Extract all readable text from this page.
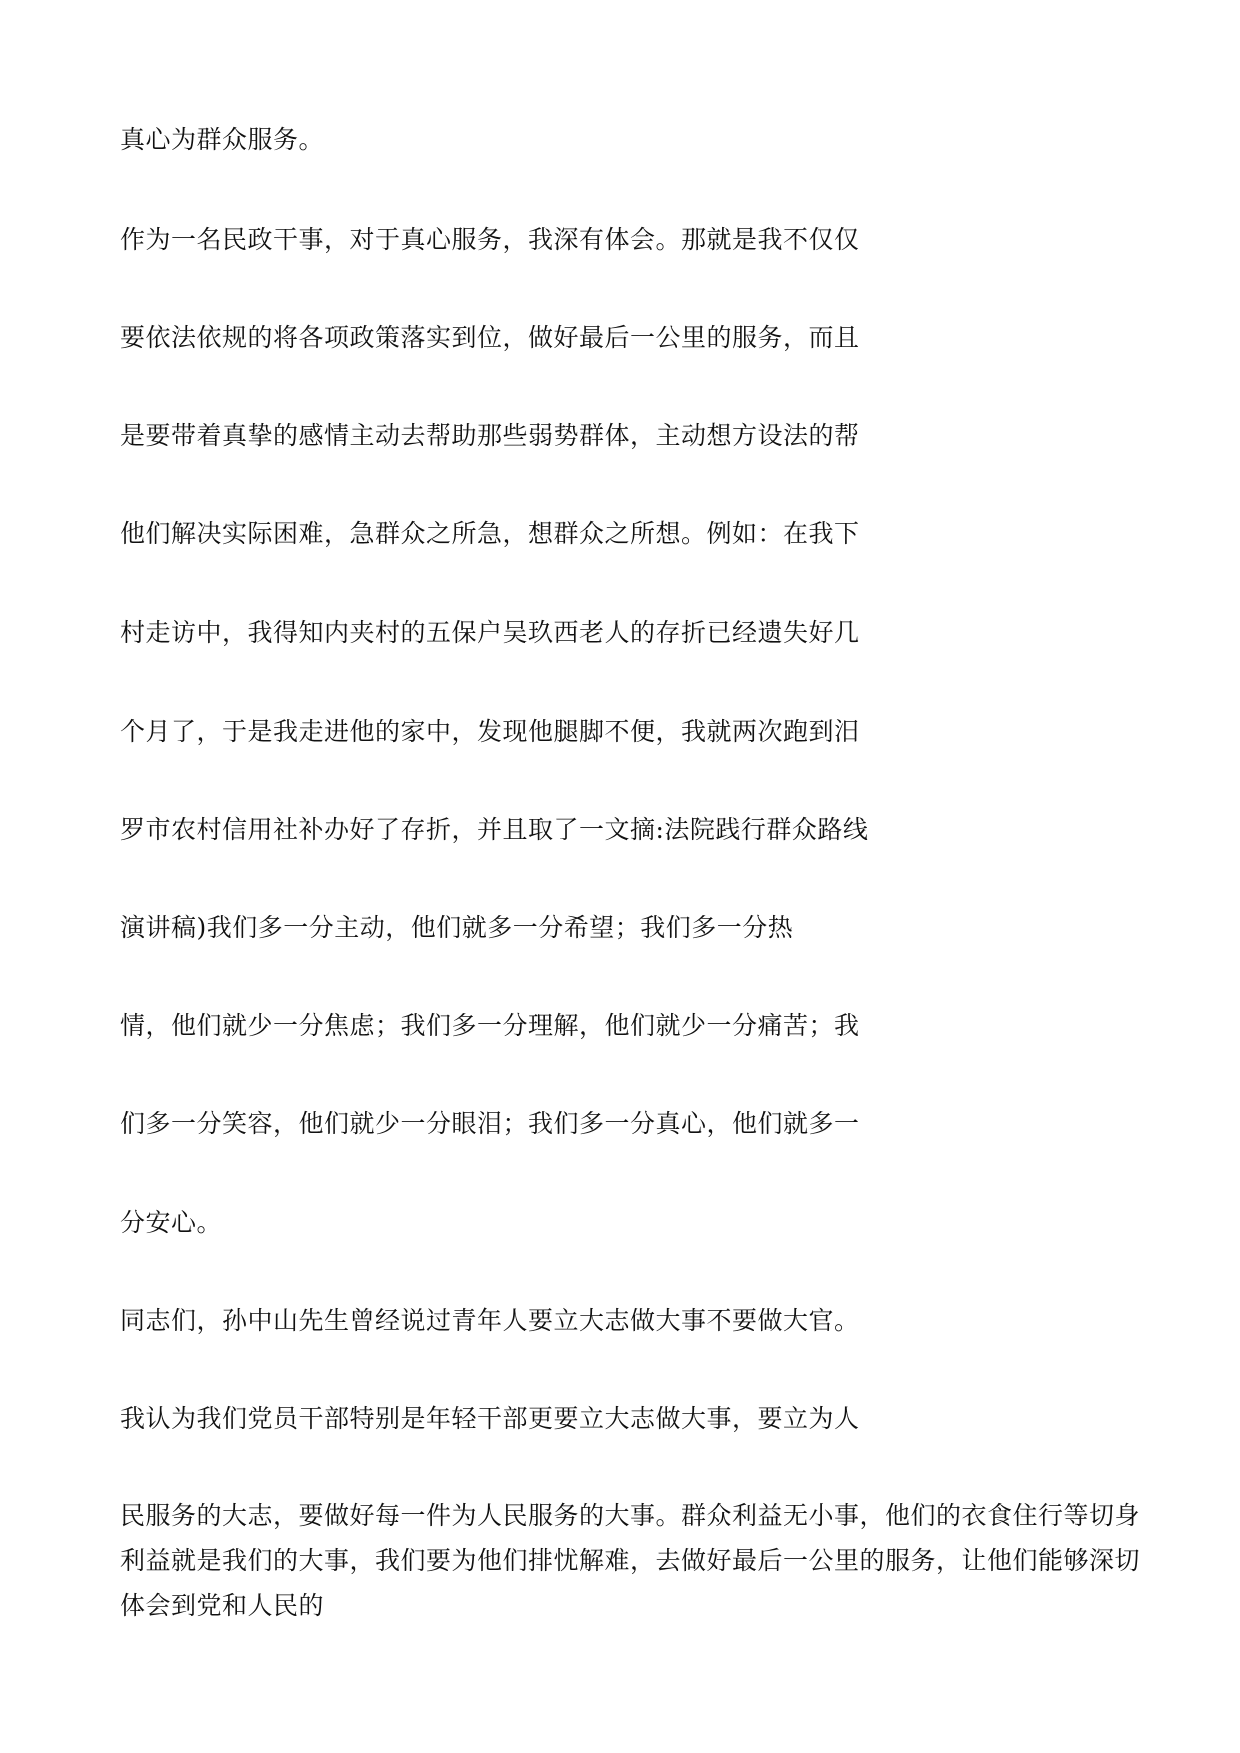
真心为群众服务。
作为一名民政干事，对于真心服务，我深有体会。那就是我不仅仅
要依法依规的将各项政策落实到位，做好最后一公里的服务，而且
是要带着真挚的感情主动去帮助那些弱势群体，主动想方设法的帮
他们解决实际困难，急群众之所急，想群众之所想。例如：在我下
村走访中，我得知内夹村的五保户吴玖西老人的存折已经遗失好几
个月了，于是我走进他的家中，发现他腿脚不便，我就两次跑到汨
罗市农村信用社补办好了存折，并且取了一文摘:法院践行群众路线
演讲稿)我们多一分主动，他们就多一分希望；我们多一分热
情，他们就少一分焦虑；我们多一分理解，他们就少一分痛苦；我
们多一分笑容，他们就少一分眼泪；我们多一分真心，他们就多一
分安心。
同志们，孙中山先生曾经说过青年人要立大志做大事不要做大官。
我认为我们党员干部特别是年轻干部更要立大志做大事，要立为人
民服务的大志，要做好每一件为人民服务的大事。群众利益无小事，他们的衣食住行等切身
利益就是我们的大事，我们要为他们排忧解难，去做好最后一公里的服务，让他们能够深切
体会到党和人民的
